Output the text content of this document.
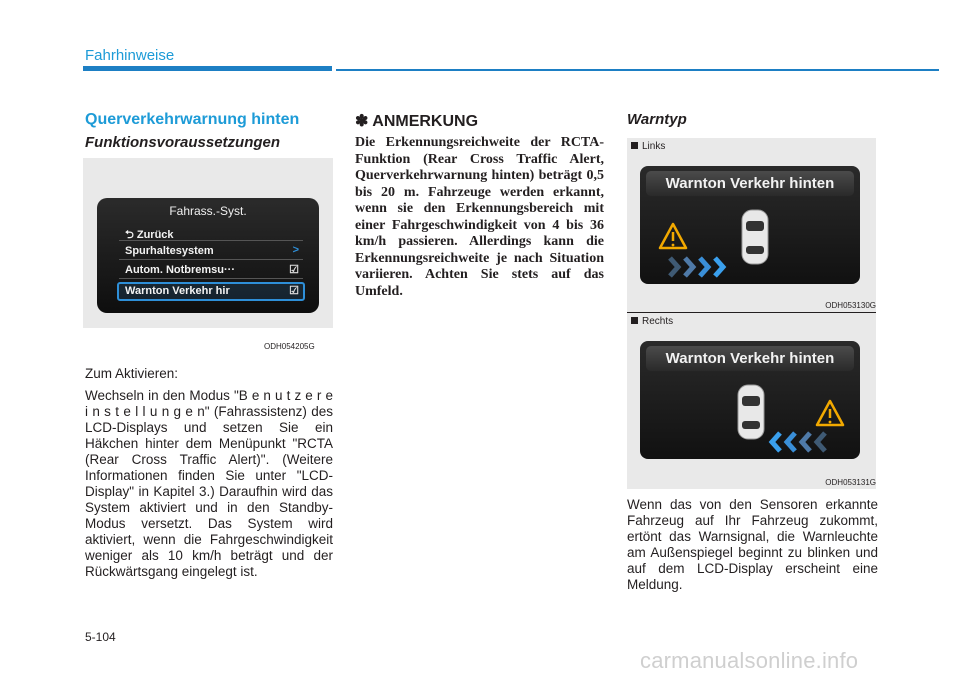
Fahrhinweise
Querverkehrwarnung hinten
Funktionsvoraussetzungen
Fahrass.-Syst.
⮌ Zurück
Spurhaltesystem	>
Autom. Notbremsu···	☑
Warnton Verkehr hir	☑
ODH054205G
Zum Aktivieren:
Wechseln in den Modus "B e n u t z e r e i n s t e l l u n g e n" (Fahrassistenz) des LCD-Displays und setzen Sie ein Häkchen hinter dem Menüpunkt "RCTA (Rear Cross Traffic Alert)". (Weitere Informationen finden Sie unter "LCD-Display" in Kapitel 3.) Daraufhin wird das System aktiviert und in den Standby-Modus versetzt. Das System wird aktiviert, wenn die Fahrgeschwindigkeit weniger als 10 km/h beträgt und der Rückwärtsgang eingelegt ist.
✽ ANMERKUNG
Die Erkennungsreichweite der RCTA-Funktion (Rear Cross Traffic Alert, Querverkehrwarnung hinten) beträgt 0,5 bis 20 m. Fahrzeuge werden erkannt, wenn sie den Erkennungsbereich mit einer Fahrgeschwindigkeit von 4 bis 36 km/h passieren. Allerdings kann die Erkennungsreichweite je nach Situation variieren. Achten Sie stets auf das Umfeld.
Warntyp
Links
Warnton Verkehr hinten
ODH053130G
Rechts
Warnton Verkehr hinten
ODH053131G
Wenn das von den Sensoren erkannte Fahrzeug auf Ihr Fahrzeug zukommt, ertönt das Warnsignal, die Warnleuchte am Außenspiegel beginnt zu blinken und auf dem LCD-Display erscheint eine Meldung.
5-104
carmanualsonline.info
